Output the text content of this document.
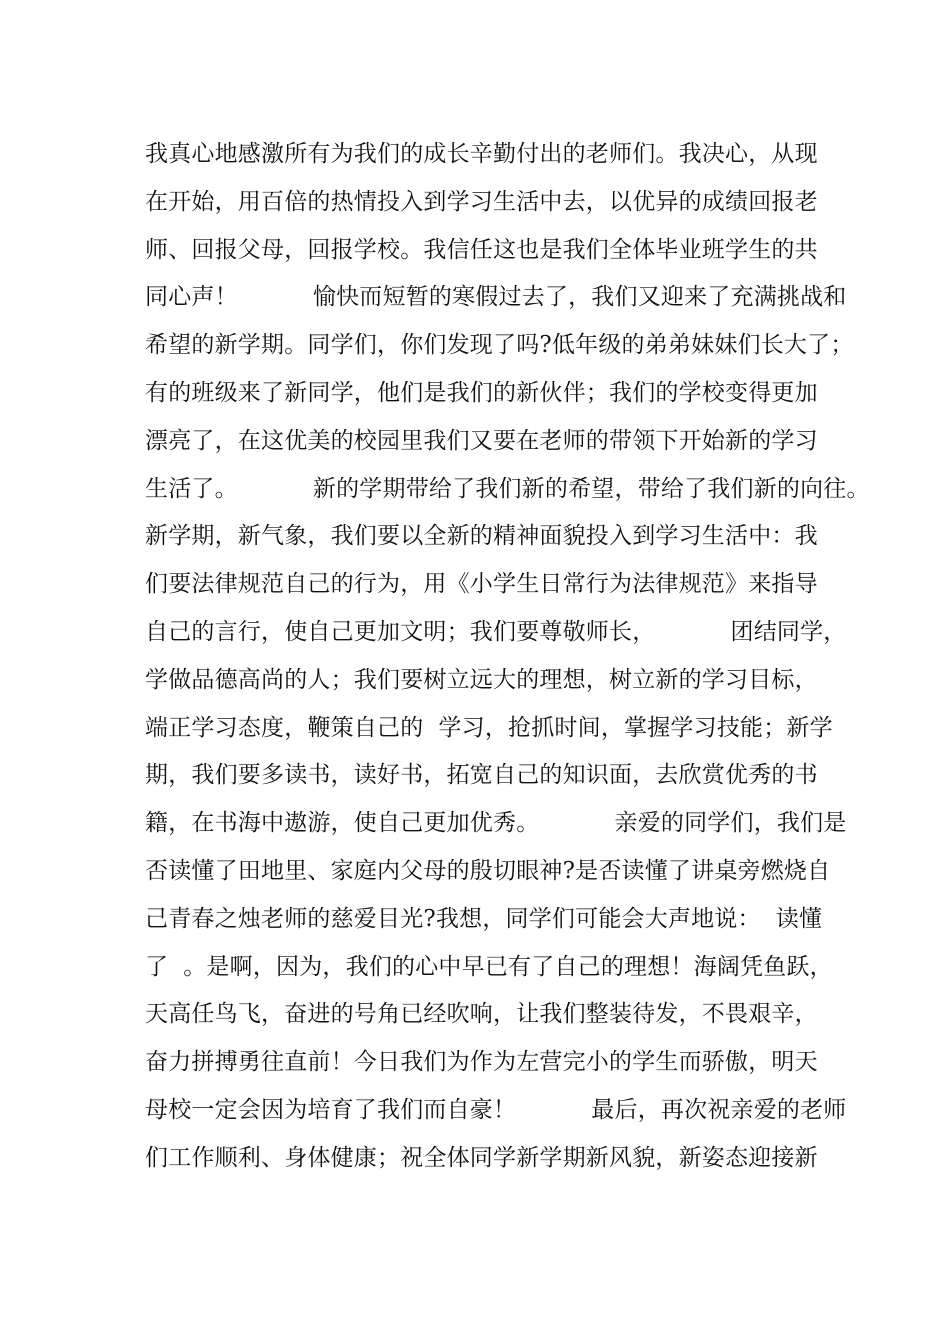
我真心地感激所有为我们的成长辛勤付出的老师们。我决心，从现
在开始，用百倍的热情投入到学习生活中去，以优异的成绩回报老
师、回报父母，回报学校。我信任这也是我们全体毕业班学生的共
同心声！          愉快而短暂的寒假过去了，我们又迎来了充满挑战和
希望的新学期。同学们，你们发现了吗?低年级的弟弟妹妹们长大了；
有的班级来了新同学，他们是我们的新伙伴；我们的学校变得更加
漂亮了，在这优美的校园里我们又要在老师的带领下开始新的学习
生活了。          新的学期带给了我们新的希望，带给了我们新的向往。
新学期，新气象，我们要以全新的精神面貌投入到学习生活中：我
们要法律规范自己的行为，用《小学生日常行为法律规范》来指导
自己的言行，使自己更加文明；我们要尊敬师长，          团结同学，
学做品德高尚的人；我们要树立远大的理想，树立新的学习目标，
端正学习态度，鞭策自己的  学习，抢抓时间，掌握学习技能；新学
期，我们要多读书，读好书，拓宽自己的知识面，去欣赏优秀的书
籍，在书海中遨游，使自己更加优秀。          亲爱的同学们，我们是
否读懂了田地里、家庭内父母的殷切眼神?是否读懂了讲桌旁燃烧自
己青春之烛老师的慈爱目光?我想，同学们可能会大声地说：  读懂
了  。是啊，因为，我们的心中早已有了自己的理想！海阔凭鱼跃，
天高任鸟飞，奋进的号角已经吹响，让我们整装待发，不畏艰辛，
奋力拼搏勇往直前！今日我们为作为左营完小的学生而骄傲，明天
母校一定会因为培育了我们而自豪！          最后，再次祝亲爱的老师
们工作顺利、身体健康；祝全体同学新学期新风貌，新姿态迎接新
